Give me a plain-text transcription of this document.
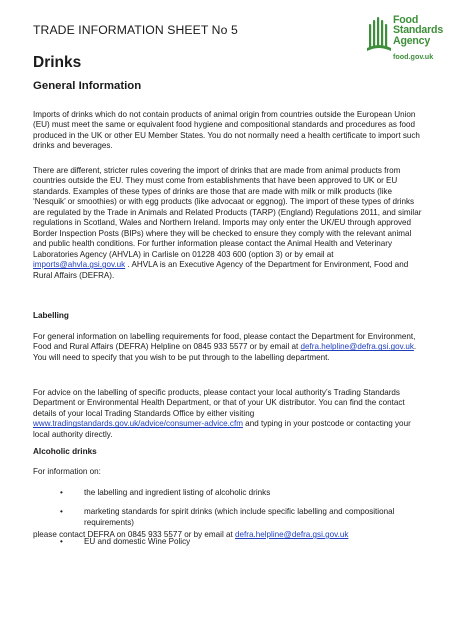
TRADE INFORMATION SHEET No 5
Food
Standards
Agency
food.gov.uk
Drinks
General Information

Imports of drinks which do not contain products of animal origin from countries outside the European Union (EU) must meet the same or equivalent food hygiene and compositional standards and procedures as food produced in the UK or other EU Member States. You do not normally need a health certificate to import such drinks and beverages.

There are different, stricter rules covering the import of drinks that are made from animal products from countries outside the EU. They must come from establishments that have been approved to UK or EU standards. Examples of these types of drinks are those that are made with milk or milk products (like ‘Nesquik’ or smoothies) or with egg products (like advocaat or eggnog). The import of these types of drinks are regulated by the Trade in Animals and Related Products (TARP) (England) Regulations 2011, and similar regulations in Scotland, Wales and Northern Ireland. Imports may only enter the UK/EU through approved Border Inspection Posts (BIPs) where they will be checked to ensure they comply with the relevant animal and public health conditions. For further information please contact the Animal Health and Veterinary Laboratories Agency (AHVLA) in Carlisle on 01228 403 600 (option 3) or by email at imports@ahvla.gsi.gov.uk . AHVLA is an Executive Agency of the Department for Environment, Food and Rural Affairs (DEFRA).

Labelling

For general information on labelling requirements for food, please contact the Department for Environment, Food and Rural Affairs (DEFRA) Helpline on 0845 933 5577 or by email at defra.helpline@defra.gsi.gov.uk. You will need to specify that you wish to be put through to the labelling department.

For advice on the labelling of specific products, please contact your local authority’s Trading Standards Department or Environmental Health Department, or that of your UK distributor. You can find the contact details of your local Trading Standards Office by either visiting www.tradingstandards.gov.uk/advice/consumer-advice.cfm and typing in your postcode or contacting your local authority directly.

Alcoholic drinks

For information on:

•	the labelling and ingredient listing of alcoholic drinks
•	marketing standards for spirit drinks (which include specific labelling and compositional requirements)
•	EU and domestic Wine Policy

please contact DEFRA on 0845 933 5577 or by email at defra.helpline@defra.gsi.gov.uk
